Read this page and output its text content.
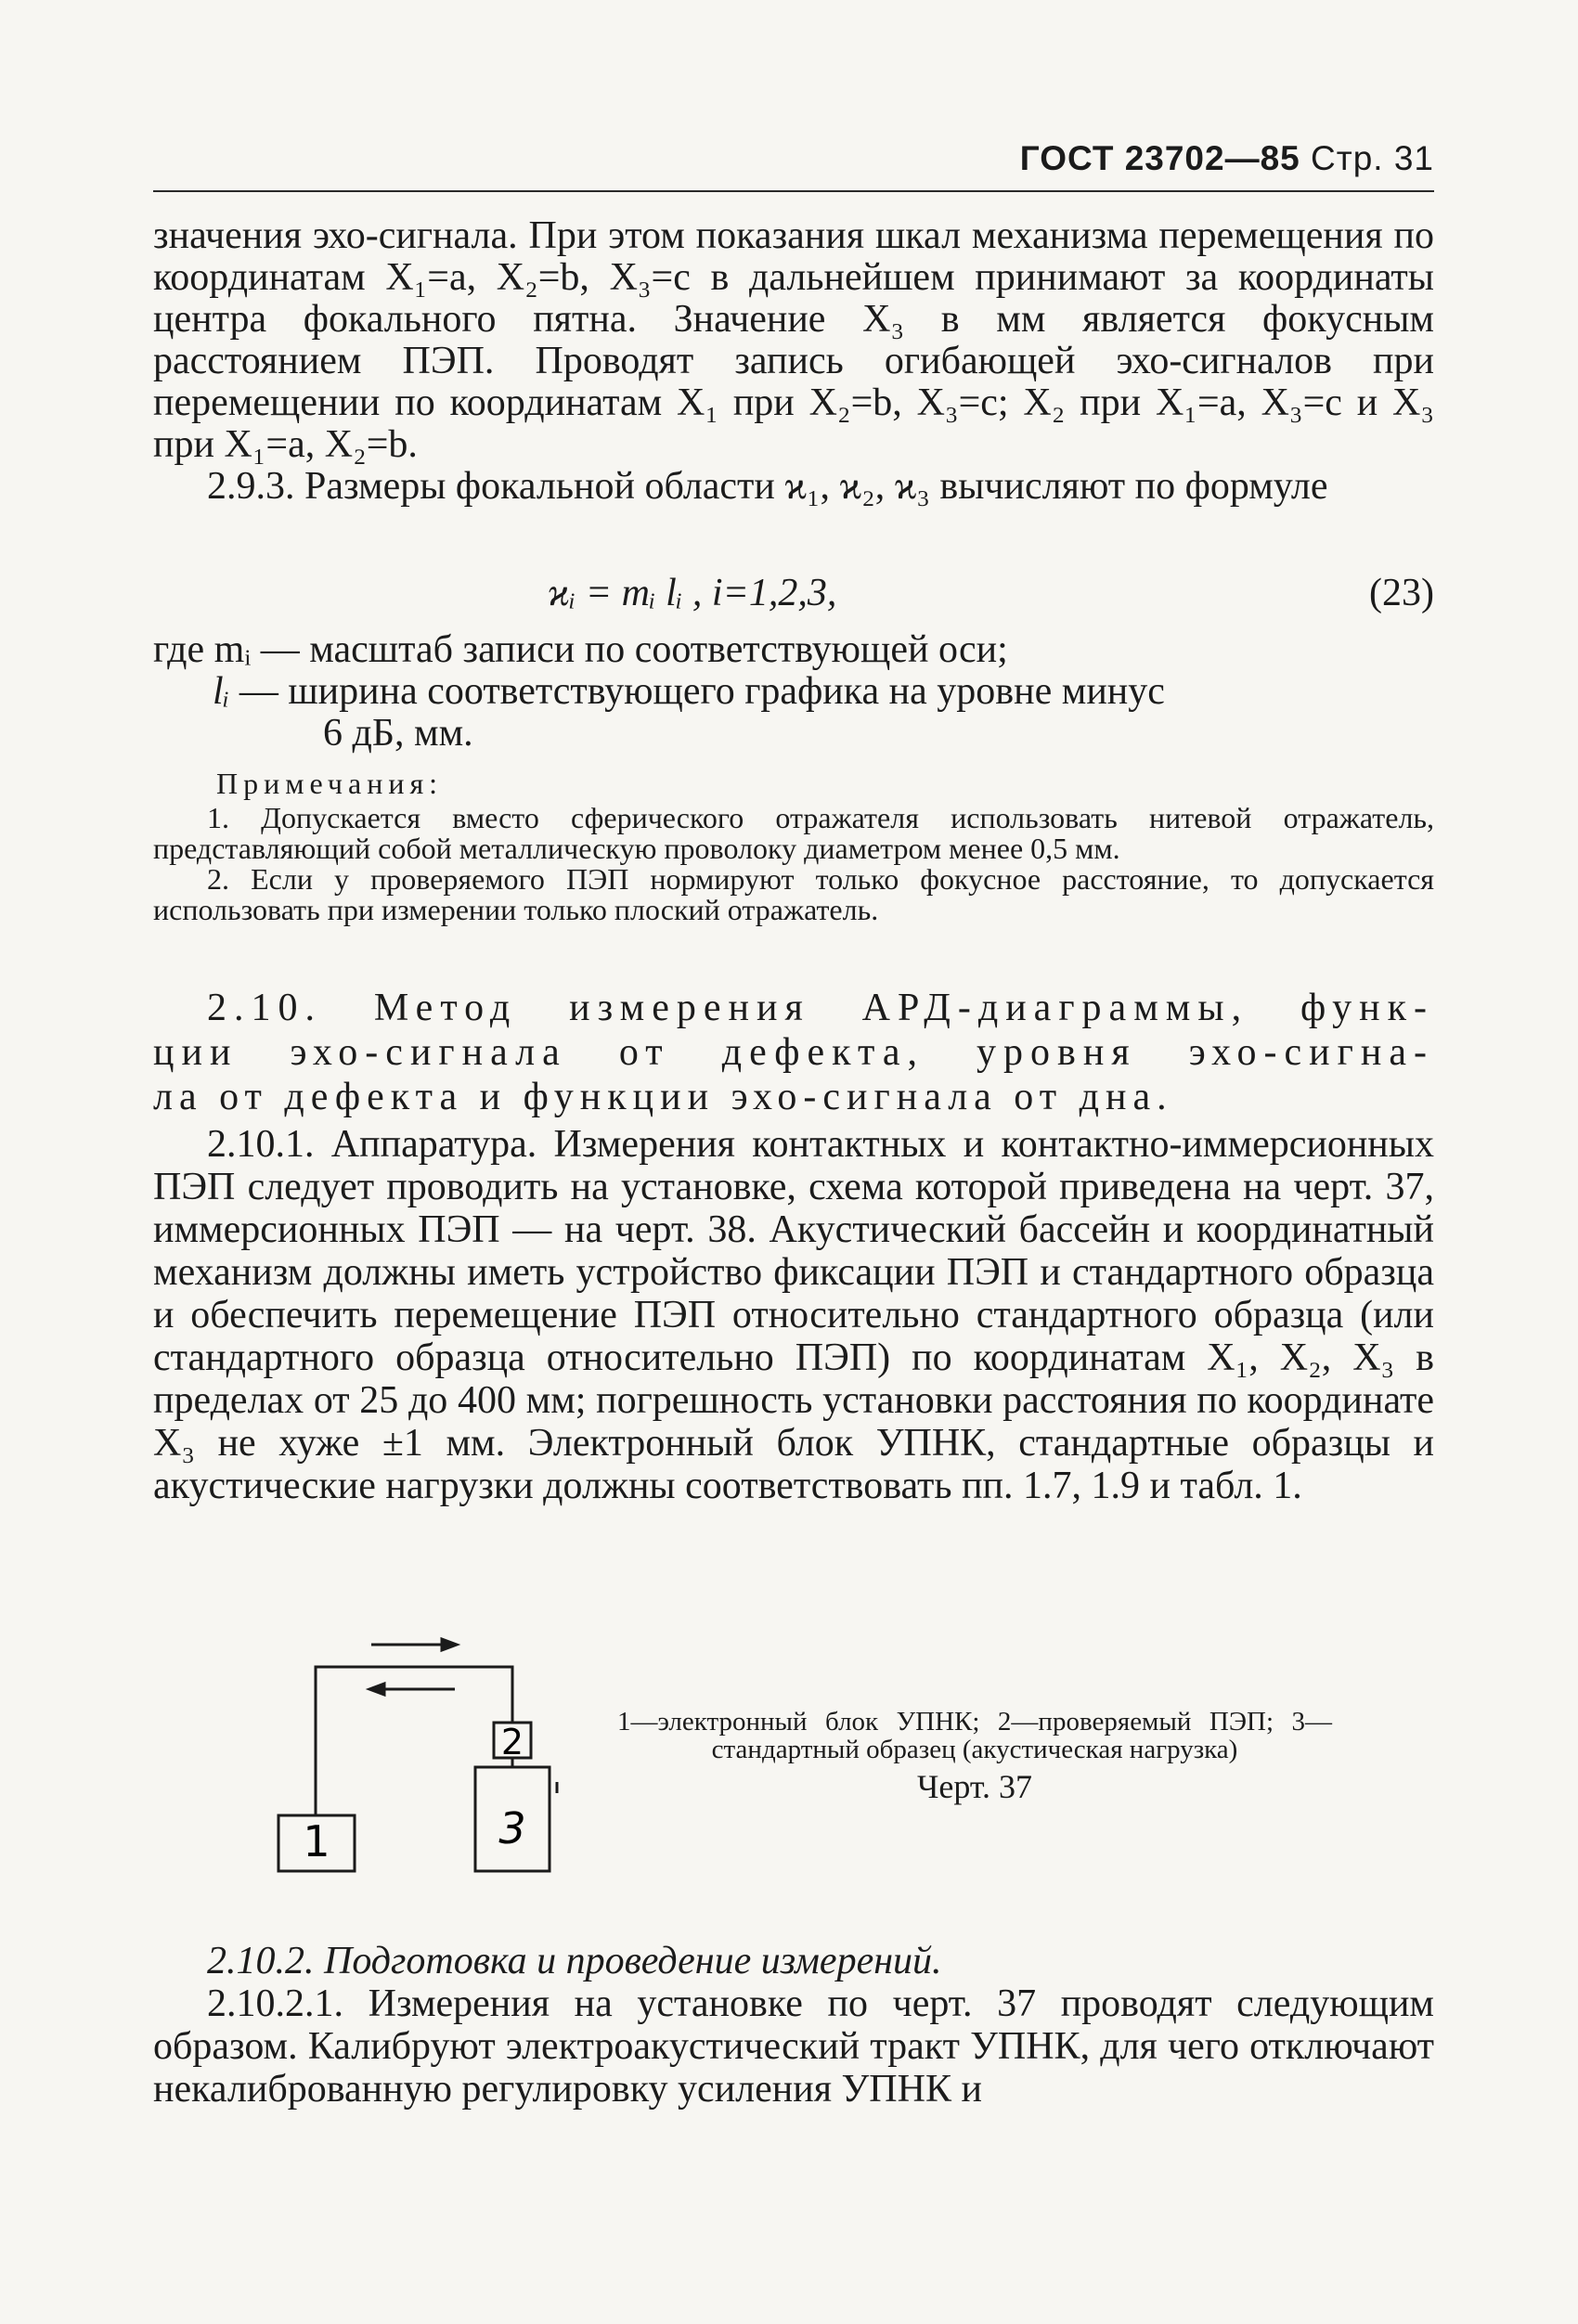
ГОСТ 23702—85 Стр. 31

значения эхо-сигнала. При этом показания шкал механизма перемещения по координатам X₁=a, X₂=b, X₃=c в дальнейшем принимают за координаты центра фокального пятна. Значение X₃ в мм является фокусным расстоянием ПЭП. Проводят запись огибающей эхо-сигналов при перемещении по координатам X₁ при X₂=b, X₃=c; X₂ при X₁=a, X₃=c и X₃ при X₁=a, X₂=b.

2.9.3. Размеры фокальной области ϰ₁, ϰ₂, ϰ₃ вычисляют по формуле

ϰᵢ = mᵢ lᵢ , i=1,2,3,	(23)
где mᵢ — масштаб записи по соответствующей оси;
lᵢ — ширина соответствующего графика на уровне минус
6 дБ, мм.
Примечания:

1. Допускается вместо сферического отражателя использовать нитевой отражатель, представляющий собой металлическую проволоку диаметром менее 0,5 мм.

2. Если у проверяемого ПЭП нормируют только фокусное расстояние, то допускается использовать при измерении только плоский отражатель.

2.10. Метод измерения АРД-диаграммы, функ-

ции эхо-сигнала от дефекта, уровня эхо-сигна-

ла от дефекта и функции эхо-сигнала от дна.

2.10.1. Аппаратура. Измерения контактных и контактно-иммерсионных ПЭП следует проводить на установке, схема которой приведена на черт. 37, иммерсионных ПЭП — на черт. 38. Акустический бассейн и координатный механизм должны иметь устройство фиксации ПЭП и стандартного образца и обеспечить перемещение ПЭП относительно стандартного образца (или стандартного образца относительно ПЭП) по координатам X₁, X₂, X₃ в пределах от 25 до 400 мм; погрешность установки расстояния по координате X₃ не хуже ±1 мм. Электронный блок УПНК, стандартные образцы и акустические нагрузки должны соответствовать пп. 1.7, 1.9 и табл. 1.

1
2
3
1—электронный блок УПНК; 2—проверяемый ПЭП; 3—стандартный образец (акустическая нагрузка)
Черт. 37

2.10.2. Подготовка и проведение измерений.

2.10.2.1. Измерения на установке по черт. 37 проводят следующим образом. Калибруют электроакустический тракт УПНК, для чего отключают некалиброванную регулировку усиления УПНК и
